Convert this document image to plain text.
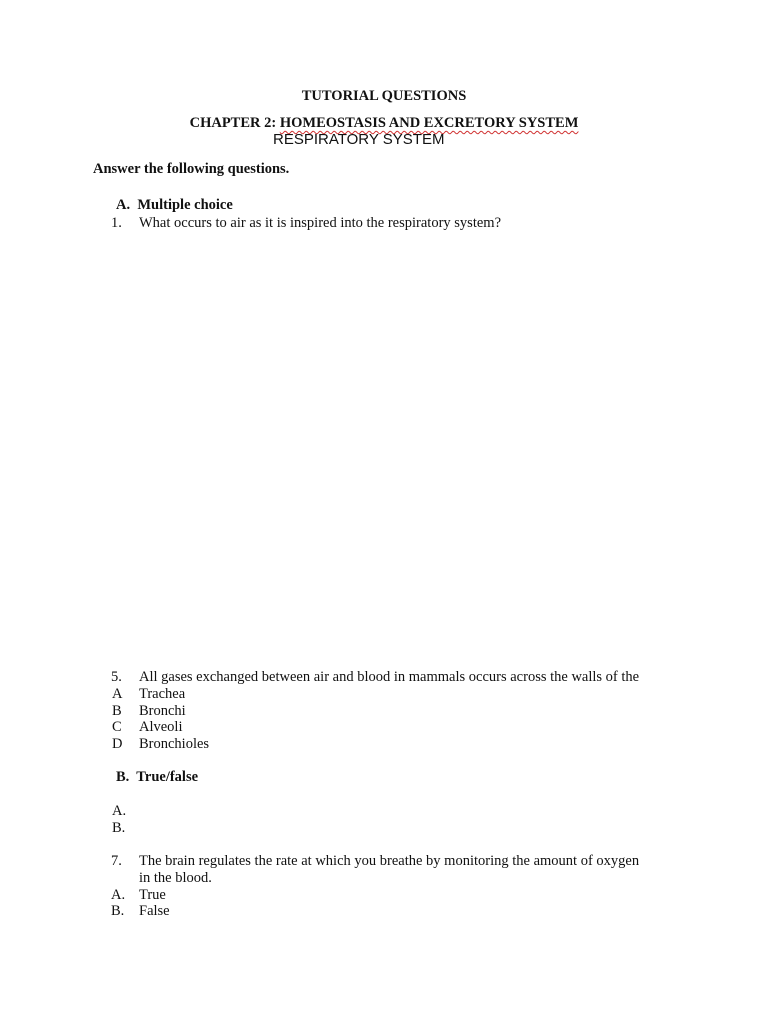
TUTORIAL QUESTIONS
CHAPTER 2: HOMEOSTASIS AND EXCRETORY SYSTEM
RESPIRATORY SYSTEM
Answer the following questions.
A. Multiple choice
1.	What occurs to air as it is inspired into the respiratory system?
5.	All gases exchanged between air and blood in mammals occurs across the walls of the
A	Trachea
B	Bronchi
C	Alveoli
D	Bronchioles
B. True/false
A.
B.
7.	The brain regulates the rate at which you breathe by monitoring the amount of oxygen
in the blood.
A. True
B.	False
